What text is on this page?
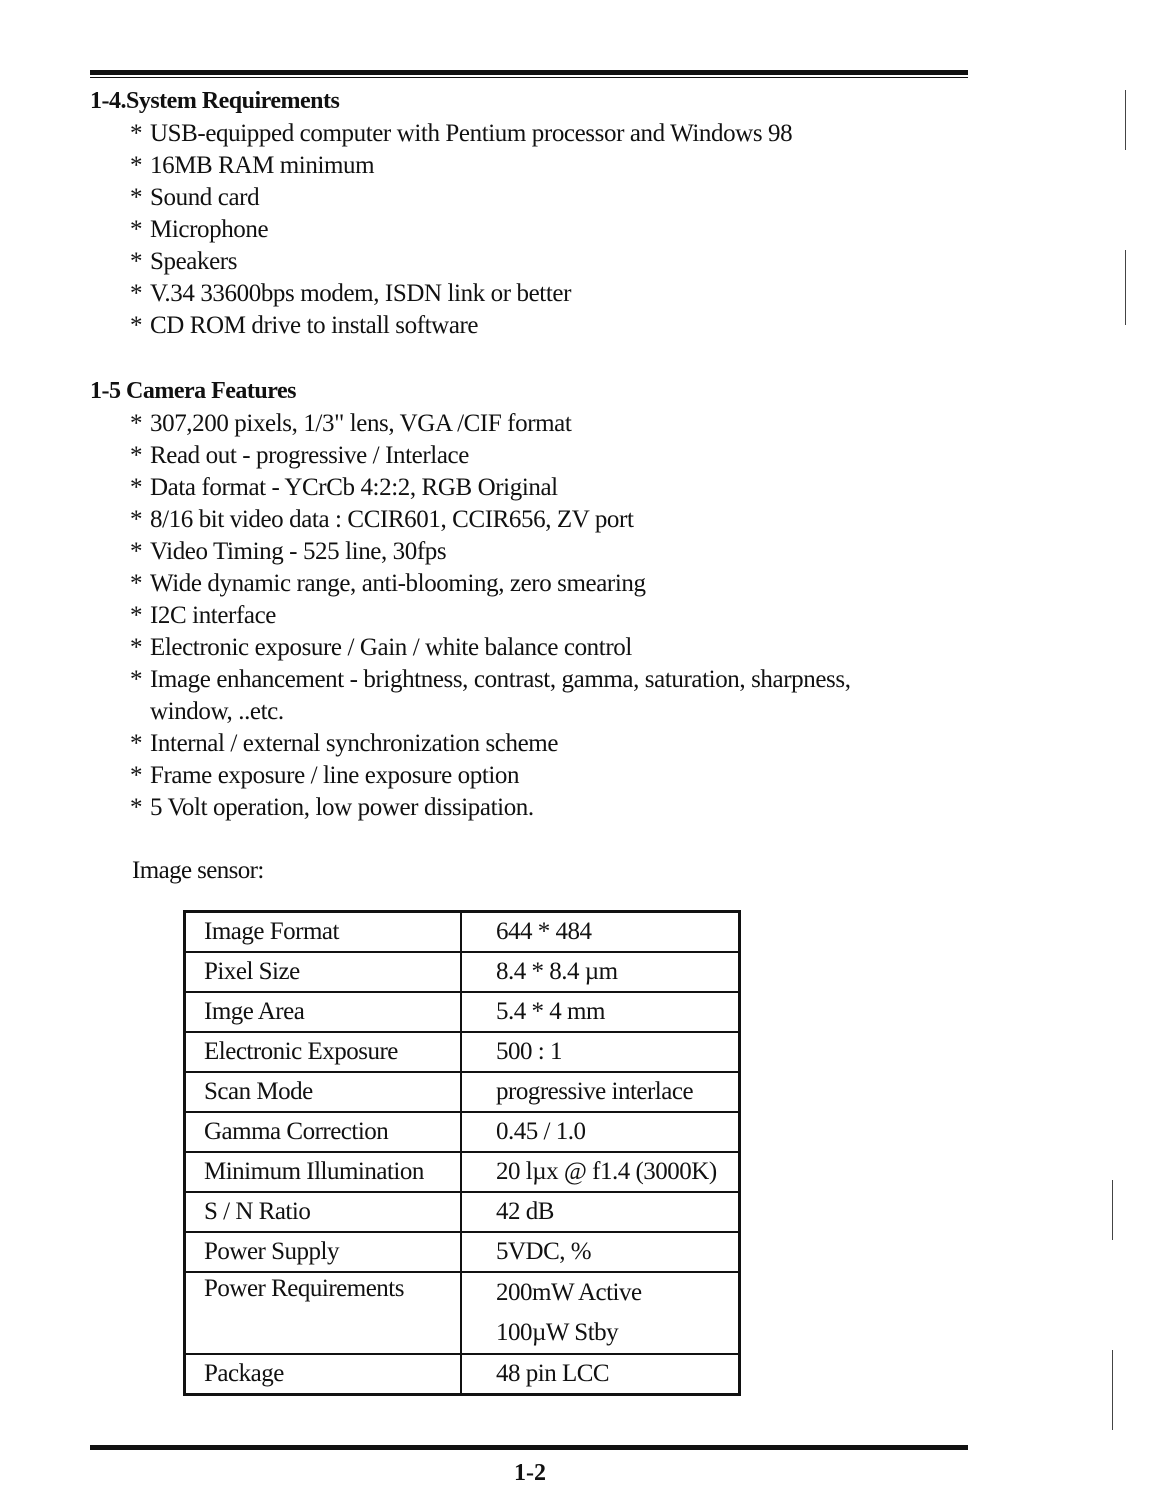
1-4.System Requirements
* USB-equipped computer with Pentium processor and Windows 98
* 16MB RAM minimum
* Sound card
* Microphone
* Speakers
* V.34 33600bps modem, ISDN link or better
* CD ROM drive to install software
1-5 Camera Features
* 307,200 pixels, 1/3" lens, VGA /CIF format
* Read out - progressive / Interlace
* Data format - YCrCb 4:2:2, RGB Original
* 8/16 bit video data : CCIR601, CCIR656, ZV port
* Video Timing - 525 line, 30fps
* Wide dynamic range, anti-blooming, zero smearing
* I2C interface
* Electronic exposure / Gain / white balance control
* Image enhancement - brightness, contrast, gamma, saturation, sharpness, window, ..etc.
* Internal / external synchronization scheme
* Frame exposure / line exposure option
* 5 Volt operation, low power dissipation.
Image sensor:
Image Format	644 * 484
Pixel Size	8.4 * 8.4 µm
Imge Area	5.4 * 4 mm
Electronic Exposure	500 : 1
Scan Mode	progressive interlace
Gamma Correction	0.45 / 1.0
Minimum Illumination	20 lµx @ f1.4 (3000K)
S / N Ratio	42 dB
Power Supply	5VDC, %
Power Requirements	200mW Active
100µW Stby

Package	48 pin LCC
1-2
